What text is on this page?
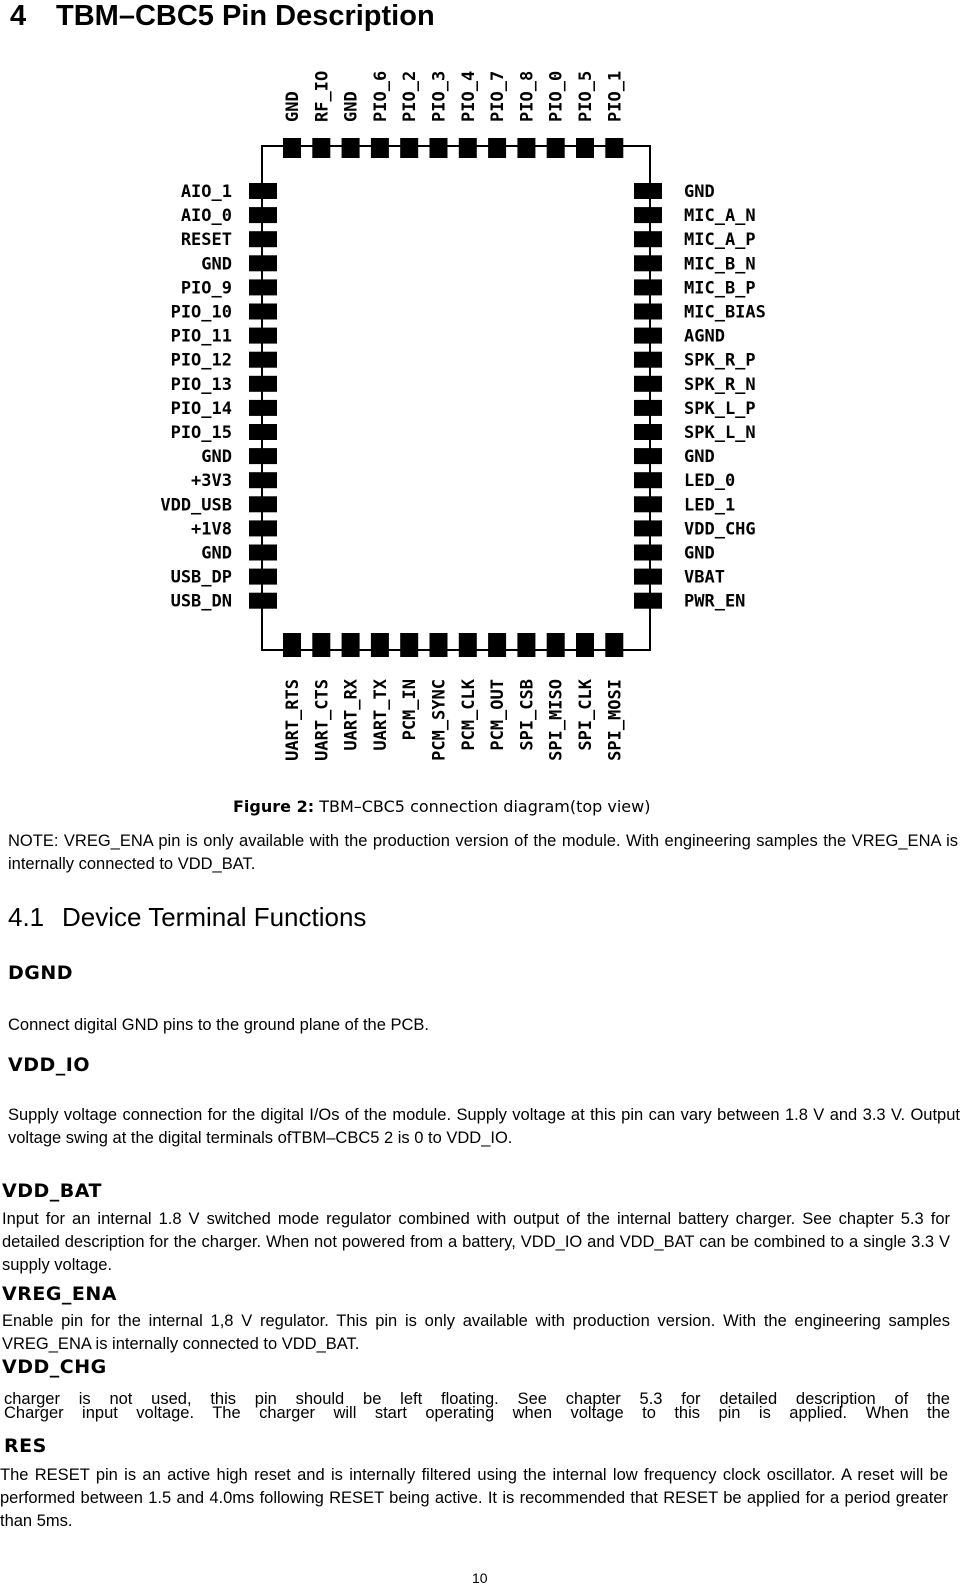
4 TBM–CBC5 Pin Description
GND RF_IO GND PIO_6 PIO_2 PIO_3 PIO_4 PIO_7 PIO_8 PIO_0 PIO_5 PIO_1
AIO_1
AIO_0
RESET
GND
PIO_9
PIO_10
PIO_11
PIO_12
PIO_13
PIO_14
PIO_15
GND
+3V3
VDD_USB
+1V8
GND
USB_DP
USB_DN
GND
MIC_A_N
MIC_A_P
MIC_B_N
MIC_B_P
MIC_BIAS
AGND
SPK_R_P
SPK_R_N
SPK_L_P
SPK_L_N
GND
LED_0
LED_1
VDD_CHG
GND
VBAT
PWR_EN
UART_RTS UART_CTS UART_RX UART_TX PCM_IN PCM_SYNC PCM_CLK PCM_OUT SPI_CSB SPI_MISO SPI_CLK SPI_MOSI
Figure 2: TBM–CBC5 connection diagram(top view)
NOTE: VREG_ENA pin is only available with the production version of the module. With engineering samples the VREG_ENA is internally connected to VDD_BAT.
4.1 Device Terminal Functions
DGND
Connect digital GND pins to the ground plane of the PCB.
VDD_IO
Supply voltage connection for the digital I/Os of the module. Supply voltage at this pin can vary between 1.8 V and 3.3 V. Output voltage swing at the digital terminals ofTBM–CBC5 2 is 0 to VDD_IO.
VDD_BAT
Input for an internal 1.8 V switched mode regulator combined with output of the internal battery charger. See chapter 5.3 for detailed description for the charger. When not powered from a battery, VDD_IO and VDD_BAT can be combined to a single 3.3 V supply voltage.
VREG_ENA
Enable pin for the internal 1,8 V regulator. This pin is only available with production version. With the engineering samples VREG_ENA is internally connected to VDD_BAT.
VDD_CHG
charger is not used, this pin should be left floating. See chapter 5.3 for detailed description of the
Charger input voltage. The charger will start operating when voltage to this pin is applied. When the
RES
The RESET pin is an active high reset and is internally filtered using the internal low frequency clock oscillator. A reset will be performed between 1.5 and 4.0ms following RESET being active. It is recommended that RESET be applied for a period greater than 5ms.
10
